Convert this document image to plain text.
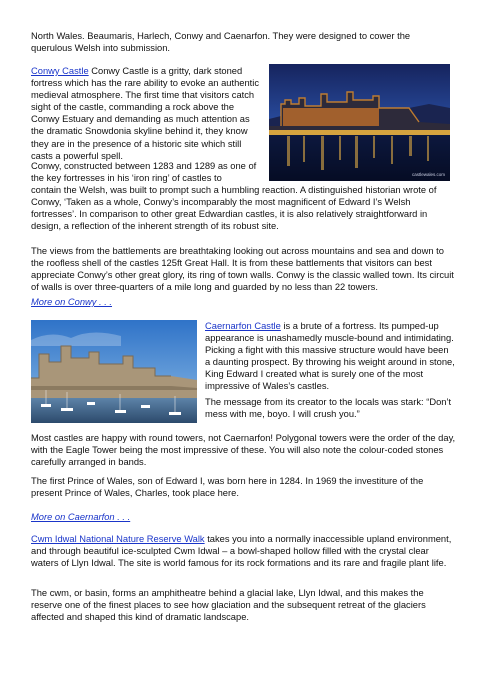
North Wales. Beaumaris, Harlech, Conwy and Caenarfon. They were designed to cower the
querulous Welsh into submission.

Conwy Castle Conwy Castle is a gritty, dark stoned fortress which has the rare ability to evoke an authentic medieval atmosphere. The first time that visitors catch sight of the castle, commanding a rock above the Conwy Estuary and demanding as much attention as the dramatic Snowdonia skyline behind it, they know they are in the presence of a historic site which still casts a powerful spell.

castlewales.com

Conwy, constructed between 1283 and 1289 as one of the key fortresses in his ‘iron ring’ of castles to

contain the Welsh, was built to prompt such a humbling reaction. A distinguished historian wrote of Conwy, ‘Taken as a whole, Conwy’s incomparably the most magnificent of Edward I’s Welsh fortresses’. In comparison to other great Edwardian castles, it is also relatively straightforward in design, a reflection of the inherent strength of its robust site.

The views from the battlements are breathtaking looking out across mountains and sea and down to the roofless shell of the castles 125ft Great Hall. It is from these battlements that visitors can best appreciate Conwy’s other great glory, its ring of town walls. Conwy is the classic walled town. Its circuit of walls is over three-quarters of a mile long and guarded by no less than 22 towers.

More on Conwy . . .

Caernarfon Castle is a brute of a fortress. Its pumped-up appearance is unashamedly muscle-bound and intimidating. Picking a fight with this massive structure would have been a daunting prospect. By throwing his weight around in stone, King Edward I created what is surely one of the most impressive of Wales’s castles.

The message from its creator to the locals was stark: “Don’t mess with me, boyo. I will crush you.”

Most castles are happy with round towers, not Caernarfon! Polygonal towers were the order of the day, with the Eagle Tower being the most impressive of these. You will also note the colour-coded stones carefully arranged in bands.

The first Prince of Wales, son of Edward I, was born here in 1284. In 1969 the investiture of the present Prince of Wales, Charles, took place here.

More on Caernarfon . . .

Cwm Idwal National Nature Reserve Walk takes you into a normally inaccessible upland environment, and through beautiful ice-sculpted Cwm Idwal – a bowl-shaped hollow filled with the crystal clear waters of Llyn Idwal. The site is world famous for its rock formations and its rare and fragile plant life.

The cwm, or basin, forms an amphitheatre behind a glacial lake, Llyn Idwal, and this makes the reserve one of the finest places to see how glaciation and the subsequent retreat of the glaciers affected and shaped this kind of dramatic landscape.
